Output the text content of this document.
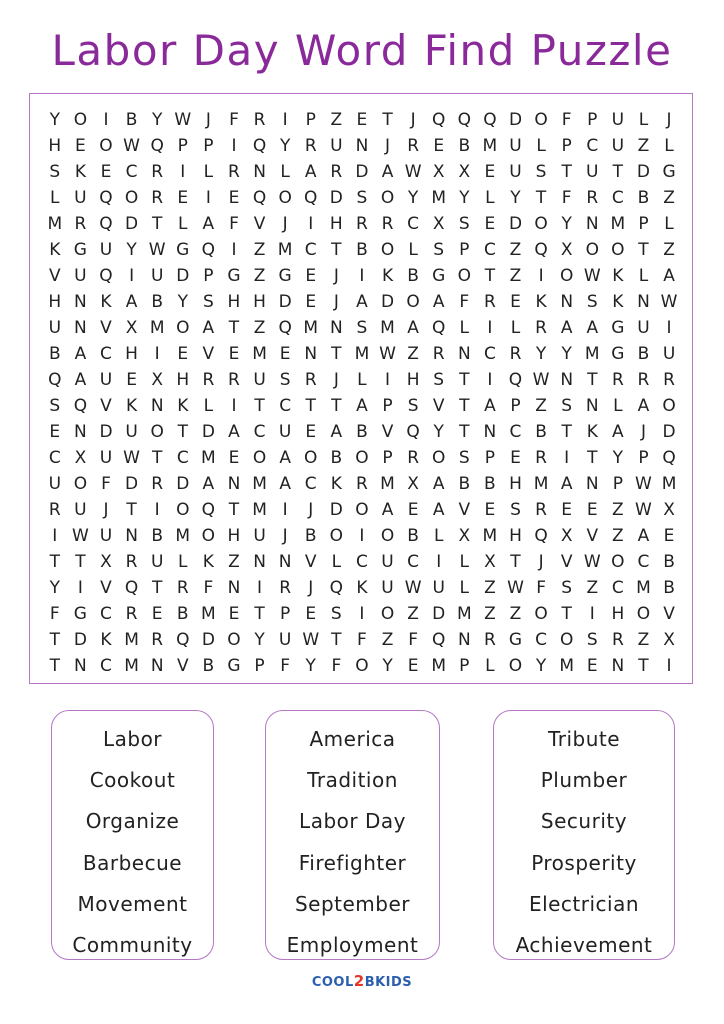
Labor Day Word Find Puzzle
Y O I	B Y W J	F R	I	P Z E T	J Q Q Q D O F P U L	J
H E O W Q P P	I Q Y R U N J	R E B M U L P C U Z L
S K E C R	I	L R N L A R D A W X X E U S T U T D G
L U Q O R E	I	E Q O Q D S O Y M Y L Y T F R C B Z
M R Q D T L A F V	J	I H R R C X S E D O Y N M P L
K G U Y W G Q I	Z M C T B O L S P C Z Q X O O T Z
V U Q I U D P G Z G E	J	I	K B G O T Z	I O W K L A
H N K A B Y S H H D E	J	A D O A F R E K N S K N W
U N V X M O A T Z Q M N S M A Q L	I	L R A A G U I
B A C H I	E V E M E N T M W Z R N C R Y Y M G B U
Q A U E X H R R U S R	J	L	I H S T	I Q W N T R R R
S Q V K N K L	I	T C T T A P S V T A P Z S N L A O
E N D U O T D A C U E A B V Q Y T N C B T K A	J D
C X U W T C M E O A O B O P R O S P E R	I	T Y P Q
U O F D R D A N M A C K R M X A B B H M A N P W M
R U J	T	I O Q T M I	J D O A E A V E S R E E Z W X
I W U N B M O H U J	B O I O B L X M H Q X V Z A E
T T X R U L K Z N N V L C U C	I	L X T	J	V W O C B
Y	I	V Q T R F N I	R	J Q K U W U L Z W F S Z C M B
F G C R E B M E T P E S	I O Z D M Z Z O T	I H O V
T D K M R Q D O Y U W T F Z F Q N R G C O S R Z X
T N C M N V B G P F Y F O Y E M P L O Y M E N T	I
Labor
Cookout
Organize
Barbecue
Movement
Community
America
Tradition
Labor Day
Firefighter
September
Employment
Tribute
Plumber
Security
Prosperity
Electrician
Achievement
COOL2BKIDS
